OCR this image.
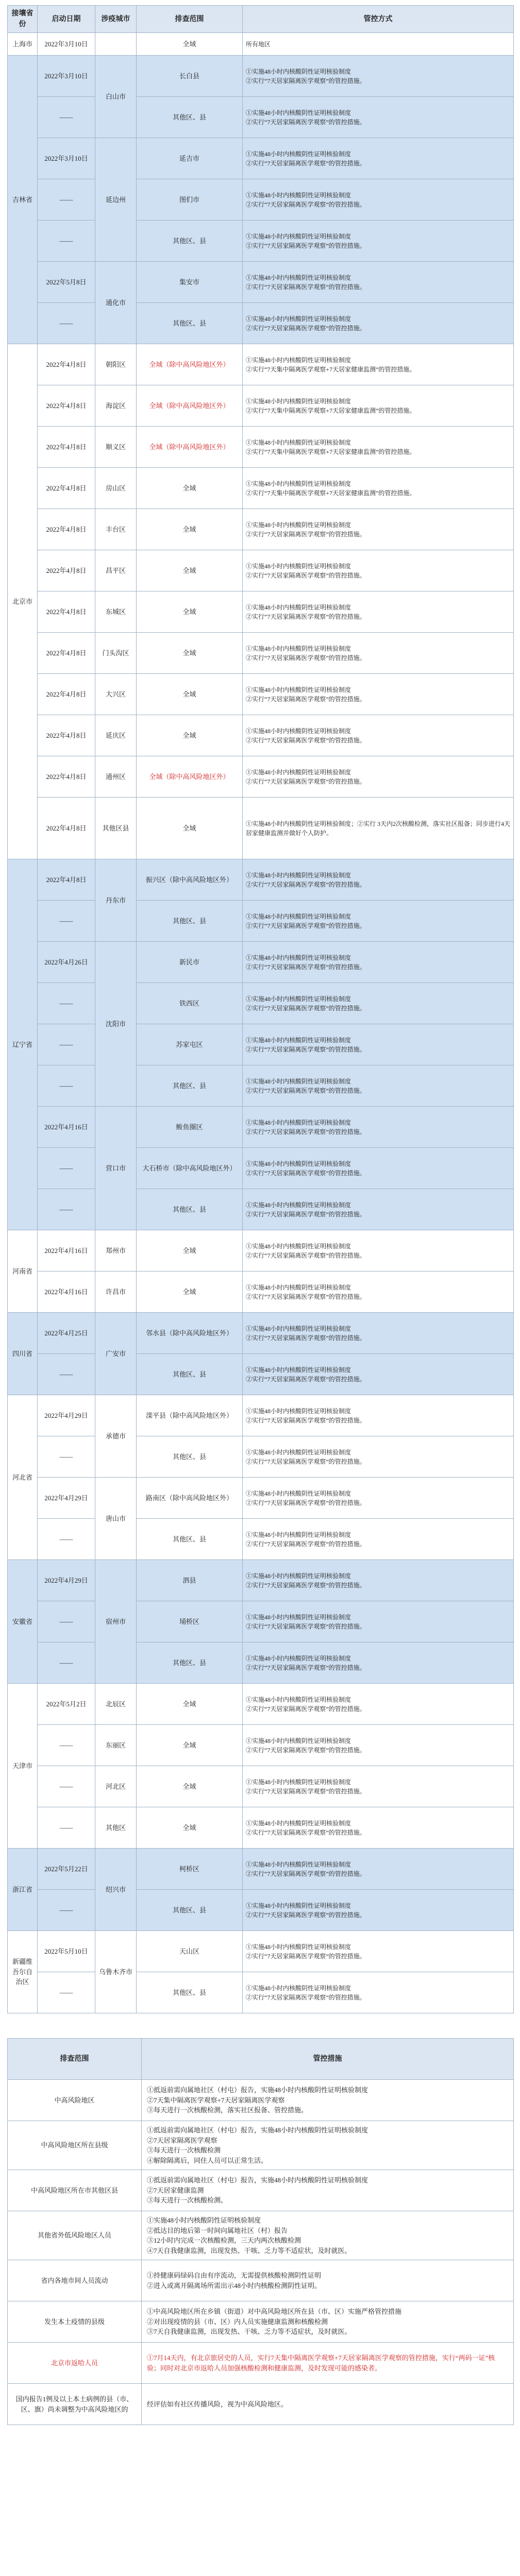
接壤省份	启动日期	涉疫城市	排查范围	管控方式
上海市	2022年3月10日		全域	所有地区
吉林省	2022年3月10日	白山市	长白县	①实施48小时内核酸阴性证明核验制度
②实行“7天居家隔离医学观察”的管控措施。
	——		其他区、县	①实施48小时内核酸阴性证明核验制度
②实行“7天居家隔离医学观察”的管控措施。
	2022年3月10日	延边州	延吉市	①实施48小时内核酸阴性证明核验制度
②实行“7天居家隔离医学观察”的管控措施。
	——		图们市	①实施48小时内核酸阴性证明核验制度
②实行“7天居家隔离医学观察”的管控措施。
	——		其他区、县	①实施48小时内核酸阴性证明核验制度
②实行“7天居家隔离医学观察”的管控措施。
	2022年5月8日	通化市	集安市	①实施48小时内核酸阴性证明核验制度
②实行“7天居家隔离医学观察”的管控措施。
	——		其他区、县	①实施48小时内核酸阴性证明核验制度
②实行“7天居家隔离医学观察”的管控措施。
北京市	2022年4月8日	朝阳区	全域（除中高风险地区外）	①实施48小时内核酸阴性证明核验制度
②实行“7天集中隔离医学观察+7天居家健康监测”的管控措施。
	2022年4月8日	海淀区	全域（除中高风险地区外）	①实施48小时内核酸阴性证明核验制度
②实行“7天集中隔离医学观察+7天居家健康监测”的管控措施。
	2022年4月8日	顺义区	全域（除中高风险地区外）	①实施48小时内核酸阴性证明核验制度
②实行“7天集中隔离医学观察+7天居家健康监测”的管控措施。
	2022年4月8日	房山区	全域	①实施48小时内核酸阴性证明核验制度
②实行“7天集中隔离医学观察+7天居家健康监测”的管控措施。
	2022年4月8日	丰台区	全域	①实施48小时内核酸阴性证明核验制度
②实行“7天居家隔离医学观察”的管控措施。
	2022年4月8日	昌平区	全域	①实施48小时内核酸阴性证明核验制度
②实行“7天居家隔离医学观察”的管控措施。
	2022年4月8日	东城区	全域	①实施48小时内核酸阴性证明核验制度
②实行“7天居家隔离医学观察”的管控措施。
	2022年4月8日	门头沟区	全域	①实施48小时内核酸阴性证明核验制度
②实行“7天居家隔离医学观察”的管控措施。
	2022年4月8日	大兴区	全域	①实施48小时内核酸阴性证明核验制度
②实行“7天居家隔离医学观察”的管控措施。
	2022年4月8日	延庆区	全域	①实施48小时内核酸阴性证明核验制度
②实行“7天居家隔离医学观察”的管控措施。
	2022年4月8日	通州区	全域（除中高风险地区外）	①实施48小时内核酸阴性证明核验制度
②实行“7天居家隔离医学观察”的管控措施。
	2022年4月8日	其他区县	全域	①实施48小时内核酸阴性证明核验制度；②实行 3天内2次核酸检测，落实社区报备；同步进行4天居家健康监测并做好个人防护。
辽宁省	2022年4月8日	丹东市	振兴区（除中高风险地区外）	①实施48小时内核酸阴性证明核验制度
②实行“7天居家隔离医学观察”的管控措施。
	——		其他区、县	①实施48小时内核酸阴性证明核验制度
②实行“7天居家隔离医学观察”的管控措施。
	2022年4月26日	沈阳市	新民市	①实施48小时内核酸阴性证明核验制度
②实行“7天居家隔离医学观察”的管控措施。
	——		铁西区	①实施48小时内核酸阴性证明核验制度
②实行“7天居家隔离医学观察”的管控措施。
	——		苏家屯区	①实施48小时内核酸阴性证明核验制度
②实行“7天居家隔离医学观察”的管控措施。
	——		其他区、县	①实施48小时内核酸阴性证明核验制度
②实行“7天居家隔离医学观察”的管控措施。
	2022年4月16日	营口市	鲅鱼圈区	①实施48小时内核酸阴性证明核验制度
②实行“7天居家隔离医学观察”的管控措施。
	——		大石桥市（除中高风险地区外）	①实施48小时内核酸阴性证明核验制度
②实行“7天居家隔离医学观察”的管控措施。
	——		其他区、县	①实施48小时内核酸阴性证明核验制度
②实行“7天居家隔离医学观察”的管控措施。
河南省	2022年4月16日	郑州市	全域	①实施48小时内核酸阴性证明核验制度
②实行“7天居家隔离医学观察”的管控措施。
	2022年4月16日	许昌市	全域	①实施48小时内核酸阴性证明核验制度
②实行“7天居家隔离医学观察”的管控措施。
四川省	2022年4月25日	广安市	邻水县（除中高风险地区外）	①实施48小时内核酸阴性证明核验制度
②实行“7天居家隔离医学观察”的管控措施。
	——		其他区、县	①实施48小时内核酸阴性证明核验制度
②实行“7天居家隔离医学观察”的管控措施。
河北省	2022年4月29日	承德市	滦平县（除中高风险地区外）	①实施48小时内核酸阴性证明核验制度
②实行“7天居家隔离医学观察”的管控措施。
	——		其他区、县	①实施48小时内核酸阴性证明核验制度
②实行“7天居家隔离医学观察”的管控措施。
	2022年4月29日	唐山市	路南区（除中高风险地区外）	①实施48小时内核酸阴性证明核验制度
②实行“7天居家隔离医学观察”的管控措施。
	——		其他区、县	①实施48小时内核酸阴性证明核验制度
②实行“7天居家隔离医学观察”的管控措施。
安徽省	2022年4月29日	宿州市	泗县	①实施48小时内核酸阴性证明核验制度
②实行“7天居家隔离医学观察”的管控措施。
	——		埇桥区	①实施48小时内核酸阴性证明核验制度
②实行“7天居家隔离医学观察”的管控措施。
	——		其他区、县	①实施48小时内核酸阴性证明核验制度
②实行“7天居家隔离医学观察”的管控措施。
天津市	2022年5月2日	北辰区	全域	①实施48小时内核酸阴性证明核验制度
②实行“7天居家隔离医学观察”的管控措施。
	——	东丽区	全域	①实施48小时内核酸阴性证明核验制度
②实行“7天居家隔离医学观察”的管控措施。
	——	河北区	全域	①实施48小时内核酸阴性证明核验制度
②实行“7天居家隔离医学观察”的管控措施。
	——	其他区	全域	①实施48小时内核酸阴性证明核验制度
②实行“7天居家隔离医学观察”的管控措施。
浙江省	2022年5月22日	绍兴市	柯桥区	①实施48小时内核酸阴性证明核验制度
②实行“7天居家隔离医学观察”的管控措施。
	——		其他区、县	①实施48小时内核酸阴性证明核验制度
②实行“7天居家隔离医学观察”的管控措施。
新疆维吾尔自治区	2022年5月10日	乌鲁木齐市	天山区	①实施48小时内核酸阴性证明核验制度
②实行“7天居家隔离医学观察”的管控措施。
	——		其他区、县	①实施48小时内核酸阴性证明核验制度
②实行“7天居家隔离医学观察”的管控措施。
排查范围	管控措施
中高风险地区	①抵返前需向属地社区（村屯）报告，实施48小时内核酸阴性证明核验制度
②7天集中隔离医学观察+7天居家隔离医学观察
③每天进行一次核酸检测，落实社区报备、管控措施。
中高风险地区所在县级	①抵返前需向属地社区（村屯）报告，实施48小时内核酸阴性证明核验制度
②7天居家隔离医学观察
③每天进行一次核酸检测
④解除隔离后，同住人员可以正常生活。
中高风险地区所在市其他区县	①抵返前需向属地社区（村屯）报告，实施48小时内核酸阴性证明核验制度
②7天居家健康监测
③每天进行一次核酸检测。
其他省外低风险地区人员	①实施48小时内核酸阴性证明核验制度
②抵达目的地后第一时间向属地社区（村）报告
③12小时内完成一次核酸检测，三天内两次核酸检测
④7天自我健康监测，出现发热、干咳、乏力等不适症状，及时就医。
省内各地市间人员流动	①持健康码绿码自由有序流动，无需提供核酸检测阴性证明
②进入或离开隔离场所需出示48小时内核酸检测阴性证明。
发生本土疫情的县级	①中高风险地区所在乡镇（街道）对中高风险地区所在县（市、区）实施严格管控措施
②对出现疫情的县（市、区）内人员实施健康监测和核酸检测
③7天自我健康监测，出现发热、干咳、乏力等不适症状，及时就医。
北京市返哈人员	①7月14天内，有北京旅居史的人员，实行7天集中隔离医学观察+7天居家隔离医学观察的管控措施，实行“两码一证”核验；同时对北京市返哈人员加强核酸检测和健康监测，及时发现可能的感染者。
国内报告1例及以上本土病例的县（市、区、旗）尚未调整为中高风险地区的	经评估如有社区传播风险，视为中高风险地区。
